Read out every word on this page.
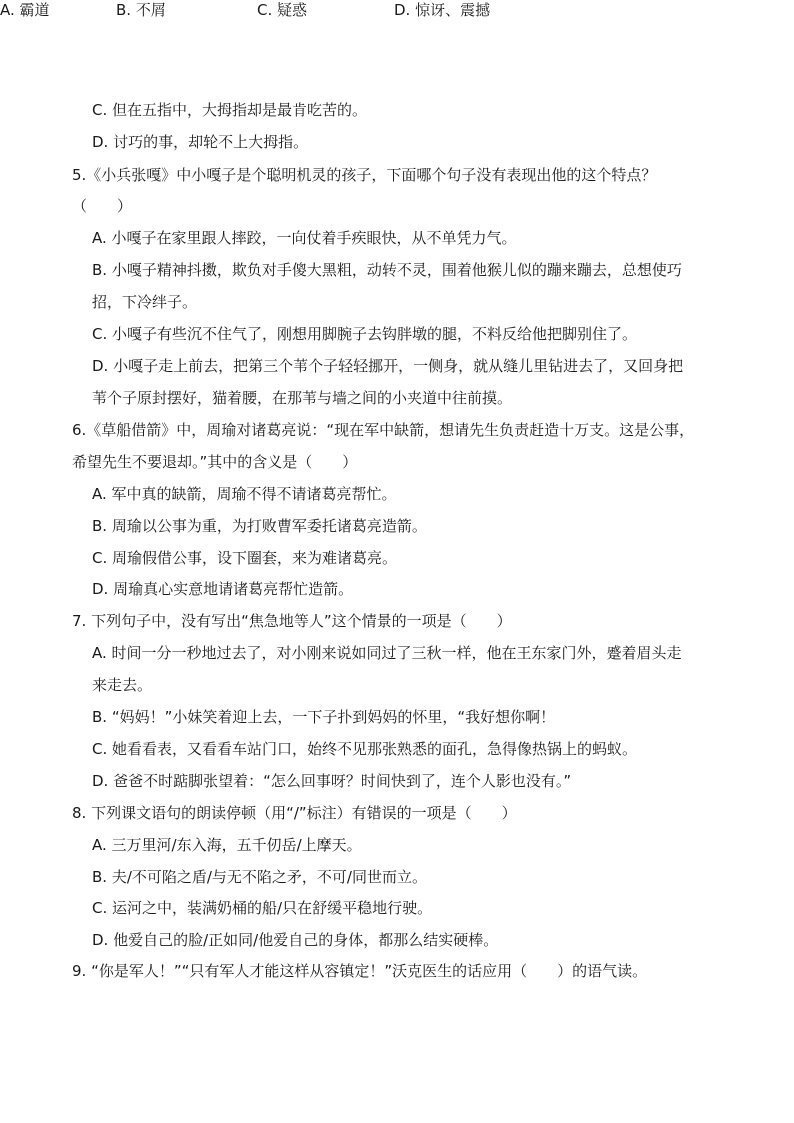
C. 但在五指中，大拇指却是最肯吃苦的。
D. 讨巧的事，却轮不上大拇指。
5.《小兵张嘎》中小嘎子是个聪明机灵的孩子，下面哪个句子没有表现出他的这个特点？
（　　）
A. 小嘎子在家里跟人摔跤，一向仗着手疾眼快，从不单凭力气。
B. 小嘎子精神抖擞，欺负对手傻大黑粗，动转不灵，围着他猴儿似的蹦来蹦去，总想使巧
招，下冷绊子。
C. 小嘎子有些沉不住气了，刚想用脚腕子去钩胖墩的腿，不料反给他把脚别住了。
D. 小嘎子走上前去，把第三个苇个子轻轻挪开，一侧身，就从缝儿里钻进去了，又回身把
苇个子原封摆好，猫着腰，在那苇与墙之间的小夹道中往前摸。
6.《草船借箭》中，周瑜对诸葛亮说：“现在军中缺箭，想请先生负责赶造十万支。这是公事，
希望先生不要退却。”其中的含义是（　　）
A. 军中真的缺箭，周瑜不得不请诸葛亮帮忙。
B. 周瑜以公事为重，为打败曹军委托诸葛亮造箭。
C. 周瑜假借公事，设下圈套，来为难诸葛亮。
D. 周瑜真心实意地请诸葛亮帮忙造箭。
7. 下列句子中，没有写出“焦急地等人”这个情景的一项是（　　）
A. 时间一分一秒地过去了，对小刚来说如同过了三秋一样，他在王东家门外，蹙着眉头走
来走去。
B. “妈妈！”小妹笑着迎上去，一下子扑到妈妈的怀里，“我好想你啊！
C. 她看看表，又看看车站门口，始终不见那张熟悉的面孔，急得像热锅上的蚂蚁。
D. 爸爸不时踮脚张望着：“怎么回事呀？时间快到了，连个人影也没有。”
8. 下列课文语句的朗读停顿（用“/”标注）有错误的一项是（　　）
A. 三万里河/东入海，五千仞岳/上摩天。
B. 夫/不可陷之盾/与无不陷之矛，不可/同世而立。
C. 运河之中，装满奶桶的船/只在舒缓平稳地行驶。
D. 他爱自己的脸/正如同/他爱自己的身体，都那么结实硬棒。
9. “你是军人！”“只有军人才能这样从容镇定！”沃克医生的话应用（　　）的语气读。
A. 霸道	B. 不屑	C. 疑惑	D. 惊讶、震撼
